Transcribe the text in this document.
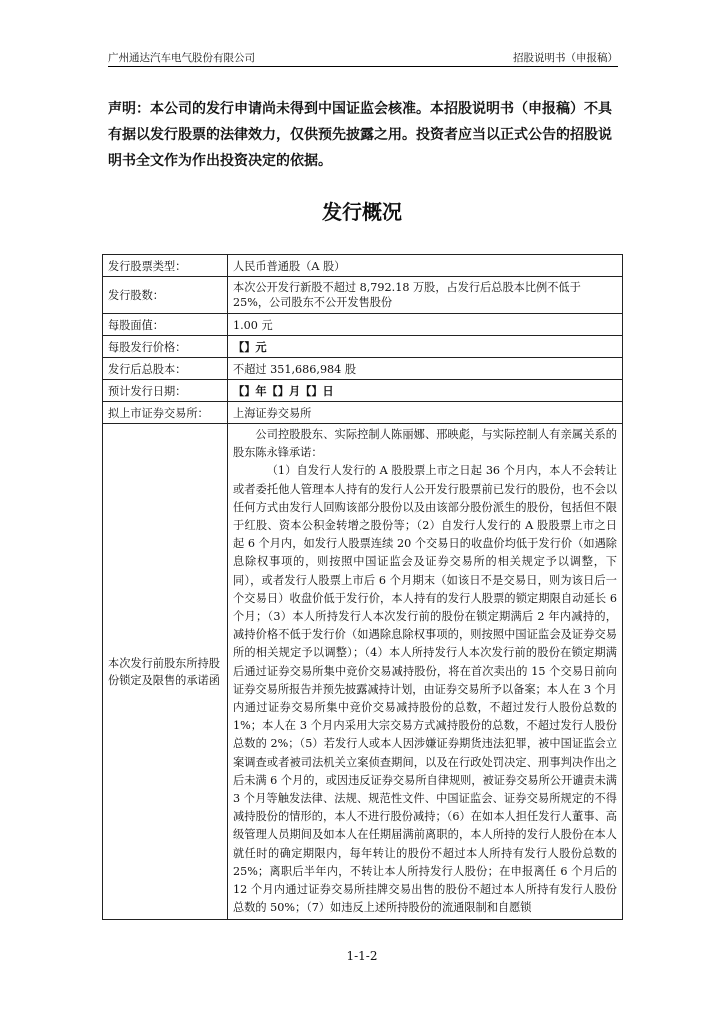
广州通达汽车电气股份有限公司	招股说明书（申报稿）
声明：本公司的发行申请尚未得到中国证监会核准。本招股说明书（申报稿）不具有据以发行股票的法律效力，仅供预先披露之用。投资者应当以正式公告的招股说明书全文作为作出投资决定的依据。
发行概况
发行股票类型：	人民币普通股（A 股）
发行股数：	本次公开发行新股不超过 8,792.18 万股，占发行后总股本比例不低于 25%，公司股东不公开发售股份
每股面值：	1.00 元
每股发行价格：	【】元
发行后总股本：	不超过 351,686,984 股
预计发行日期：	【】年【】月【】日
拟上市证券交易所：	上海证券交易所
本次发行前股东所持股份锁定及限售的承诺函	公司控股股东、实际控制人陈丽娜、邢映彪，与实际控制人有亲属关系的股东陈永锋承诺：

（1）自发行人发行的 A 股股票上市之日起 36 个月内，本人不会转让或者委托他人管理本人持有的发行人公开发行股票前已发行的股份，也不会以任何方式由发行人回购该部分股份以及由该部分股份派生的股份，包括但不限于红股、资本公积金转增之股份等；（2）自发行人发行的 A 股股票上市之日起 6 个月内，如发行人股票连续 20 个交易日的收盘价均低于发行价（如遇除息除权事项的，则按照中国证监会及证券交易所的相关规定予以调整，下同），或者发行人股票上市后 6 个月期末（如该日不是交易日，则为该日后一个交易日）收盘价低于发行价，本人持有的发行人股票的锁定期限自动延长 6 个月；（3）本人所持发行人本次发行前的股份在锁定期满后 2 年内减持的，减持价格不低于发行价（如遇除息除权事项的，则按照中国证监会及证券交易所的相关规定予以调整）；（4）本人所持发行人本次发行前的股份在锁定期满后通过证券交易所集中竞价交易减持股份，将在首次卖出的 15 个交易日前向证券交易所报告并预先披露减持计划，由证券交易所予以备案；本人在 3 个月内通过证券交易所集中竞价交易减持股份的总数，不超过发行人股份总数的 1%；本人在 3 个月内采用大宗交易方式减持股份的总数，不超过发行人股份总数的 2%；（5）若发行人或本人因涉嫌证券期货违法犯罪，被中国证监会立案调查或者被司法机关立案侦查期间，以及在行政处罚决定、刑事判决作出之后未满 6 个月的，或因违反证券交易所自律规则，被证券交易所公开谴责未满 3 个月等触发法律、法规、规范性文件、中国证监会、证券交易所规定的不得减持股份的情形的，本人不进行股份减持；（6）在如本人担任发行人董事、高级管理人员期间及如本人在任期届满前离职的，本人所持的发行人股份在本人就任时的确定期限内，每年转让的股份不超过本人所持有发行人股份总数的 25%；离职后半年内，不转让本人所持发行人股份；在申报离任 6 个月后的 12 个月内通过证券交易所挂牌交易出售的股份不超过本人所持有发行人股份总数的 50%；（7）如违反上述所持股份的流通限制和自愿锁

1-1-2
